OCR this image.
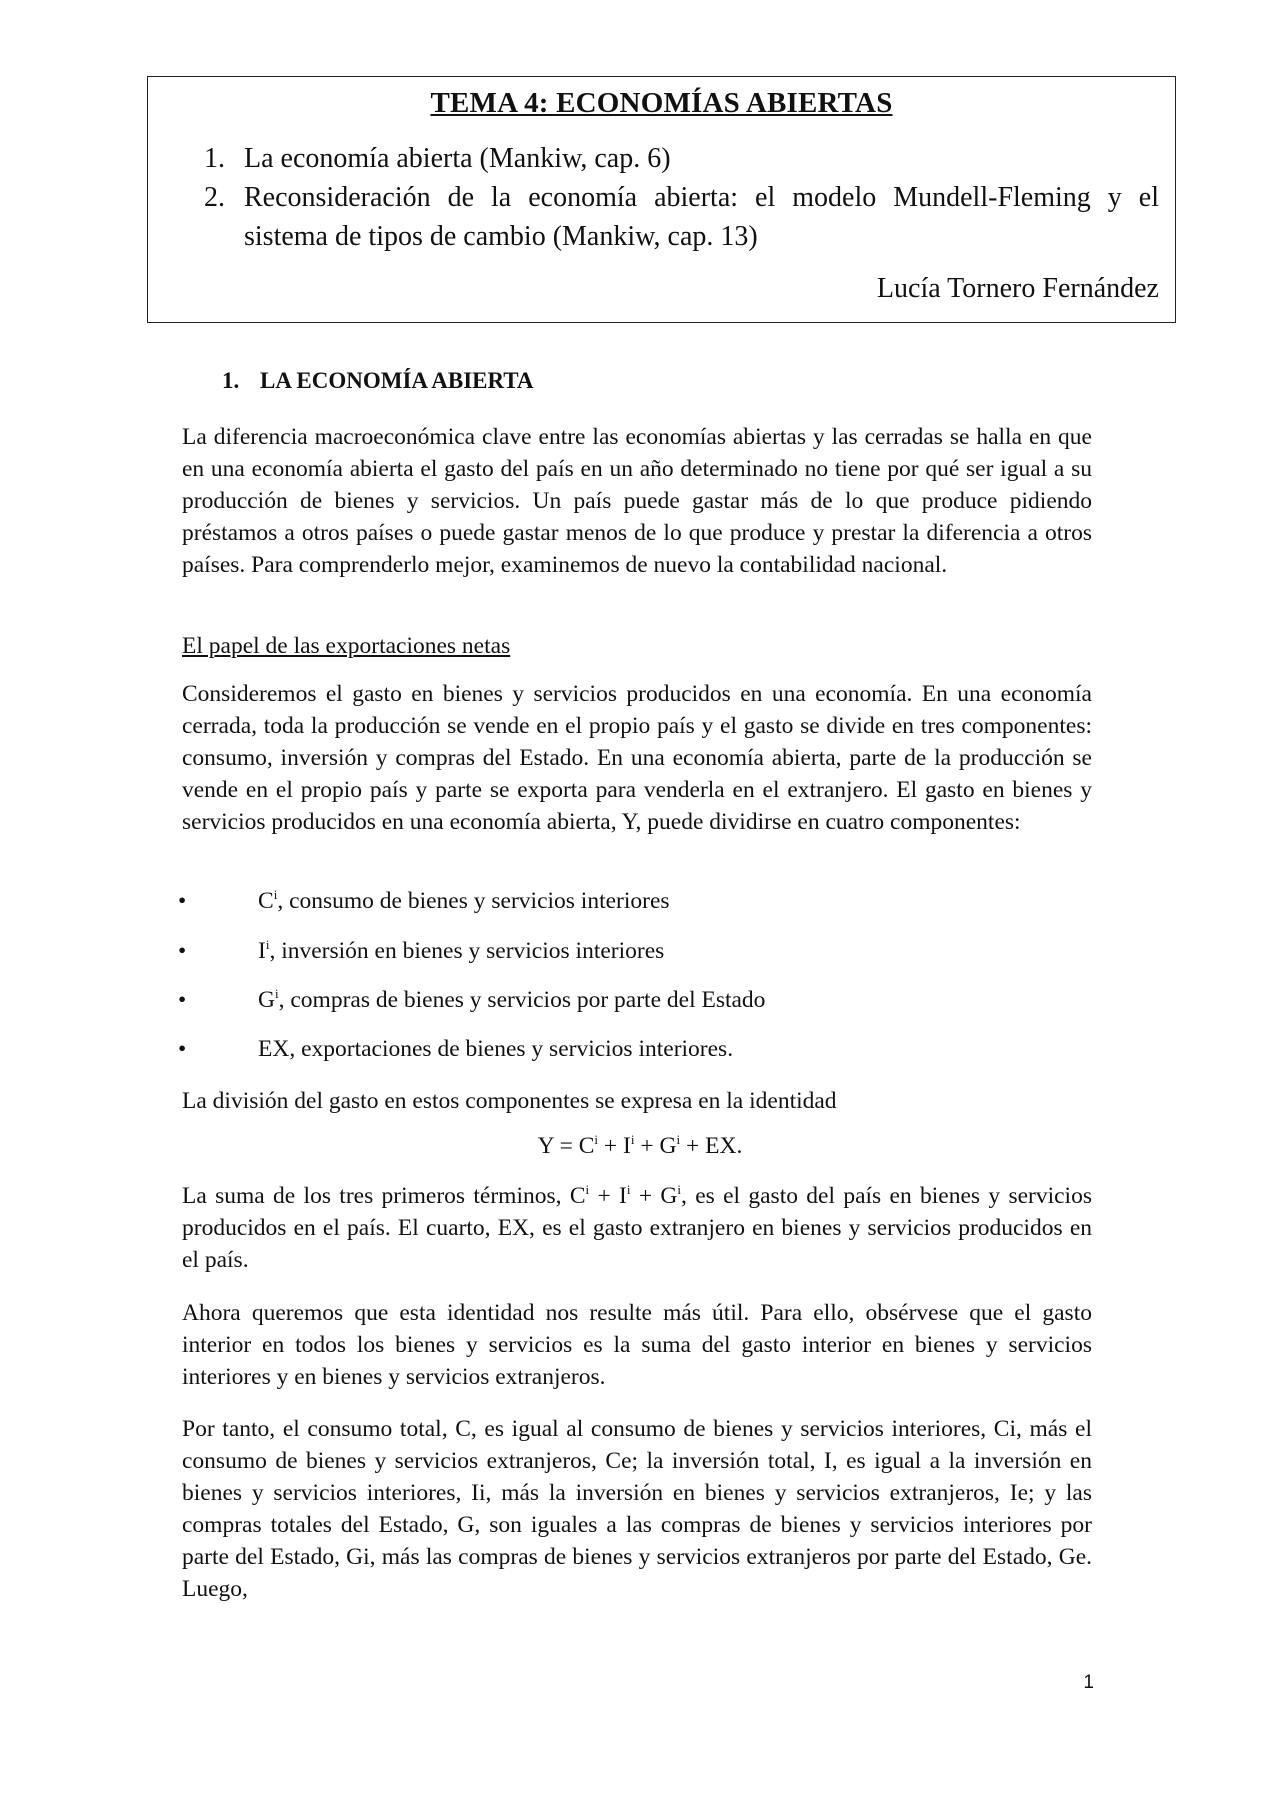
TEMA 4: ECONOMÍAS ABIERTAS
1. La economía abierta (Mankiw, cap. 6)
2. Reconsideración de la economía abierta: el modelo Mundell-Fleming y el sistema de tipos de cambio (Mankiw, cap. 13)
Lucía Tornero Fernández
1. LA ECONOMÍA ABIERTA

La diferencia macroeconómica clave entre las economías abiertas y las cerradas se halla en que en una economía abierta el gasto del país en un año determinado no tiene por qué ser igual a su producción de bienes y servicios. Un país puede gastar más de lo que produce pidiendo préstamos a otros países o puede gastar menos de lo que produce y prestar la diferencia a otros países. Para comprenderlo mejor, examinemos de nuevo la contabilidad nacional.

El papel de las exportaciones netas

Consideremos el gasto en bienes y servicios producidos en una economía. En una economía cerrada, toda la producción se vende en el propio país y el gasto se divide en tres componentes: consumo, inversión y compras del Estado. En una economía abierta, parte de la producción se vende en el propio país y parte se exporta para venderla en el extranjero. El gasto en bienes y servicios producidos en una economía abierta, Y, puede dividirse en cuatro componentes:

•	$C^i$, consumo de bienes y servicios interiores
•	$I^i$, inversión en bienes y servicios interiores
•	$G^i$, compras de bienes y servicios por parte del Estado
•	EX, exportaciones de bienes y servicios interiores.

La división del gasto en estos componentes se expresa en la identidad

$Y = C^i + I^i + G^i$ + EX.

La suma de los tres primeros términos, $C^i + I^i + G^i$, es el gasto del país en bienes y servicios producidos en el país. El cuarto, EX, es el gasto extranjero en bienes y servicios producidos en el país.

Ahora queremos que esta identidad nos resulte más útil. Para ello, obsérvese que el gasto interior en todos los bienes y servicios es la suma del gasto interior en bienes y servicios interiores y en bienes y servicios extranjeros.

Por tanto, el consumo total, C, es igual al consumo de bienes y servicios interiores, Ci, más el consumo de bienes y servicios extranjeros, Ce; la inversión total, I, es igual a la inversión en bienes y servicios interiores, Ii, más la inversión en bienes y servicios extranjeros, Ie; y las compras totales del Estado, G, son iguales a las compras de bienes y servicios interiores por parte del Estado, Gi, más las compras de bienes y servicios extranjeros por parte del Estado, Ge. Luego,

1
